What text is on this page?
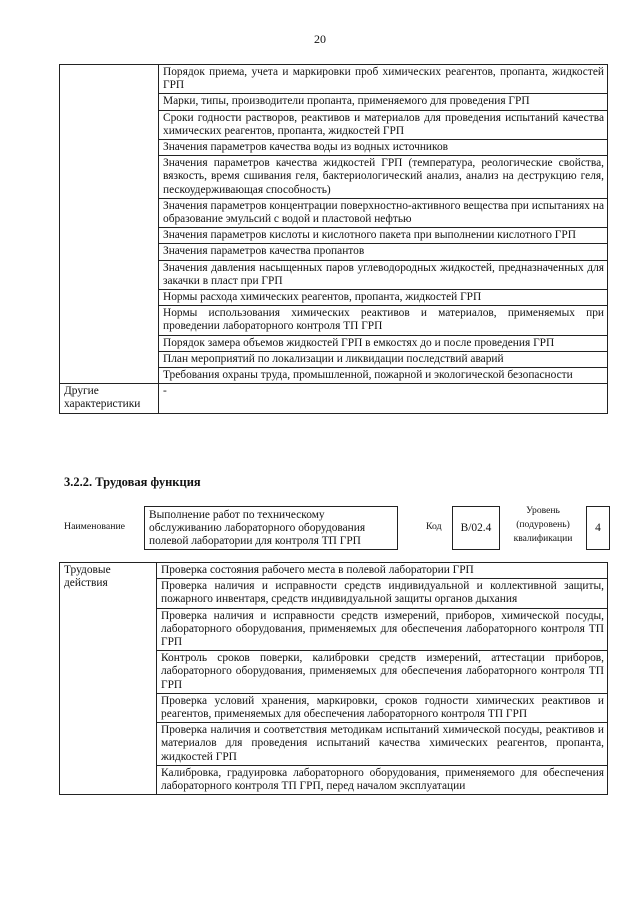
20
	Порядок приема, учета и маркировки проб химических реагентов, пропанта, жидкостей ГРП
	Марки, типы, производители пропанта, применяемого для проведения ГРП
	Сроки годности растворов, реактивов и материалов для проведения испытаний качества химических реагентов, пропанта, жидкостей ГРП
	Значения параметров качества воды из водных источников
	Значения параметров качества жидкостей ГРП (температура, реологические свойства, вязкость, время сшивания геля, бактериологический анализ, анализ на деструкцию геля, пескоудерживающая способность)
	Значения параметров концентрации поверхностно-активного вещества при испытаниях на образование эмульсий с водой и пластовой нефтью
	Значения параметров кислоты и кислотного пакета при выполнении кислотного ГРП
	Значения параметров качества пропантов
	Значения давления насыщенных паров углеводородных жидкостей, предназначенных для закачки в пласт при ГРП
	Нормы расхода химических реагентов, пропанта, жидкостей ГРП
	Нормы использования химических реактивов и материалов, применяемых при проведении лабораторного контроля ТП ГРП
	Порядок замера объемов жидкостей ГРП в емкостях до и после проведения ГРП
	План мероприятий по локализации и ликвидации последствий аварий
	Требования охраны труда, промышленной, пожарной и экологической безопасности
Другие характеристики	-
3.2.2. Трудовая функция
Наименование
Выполнение работ по техническому обслуживанию лабораторного оборудования полевой лаборатории для контроля ТП ГРП
Код	В/02.4
Уровень (подуровень) квалификации
4
Трудовые действия	Проверка состояния рабочего места в полевой лаборатории ГРП
Проверка наличия и исправности средств индивидуальной и коллективной защиты, пожарного инвентаря, средств индивидуальной защиты органов дыхания
Проверка наличия и исправности средств измерений, приборов, химической посуды, лабораторного оборудования, применяемых для обеспечения лабораторного контроля ТП ГРП
Контроль сроков поверки, калибровки средств измерений, аттестации приборов, лабораторного оборудования, применяемых для обеспечения лабораторного контроля ТП ГРП
Проверка условий хранения, маркировки, сроков годности химических реактивов и реагентов, применяемых для обеспечения лабораторного контроля ТП ГРП
Проверка наличия и соответствия методикам испытаний химической посуды, реактивов и материалов для проведения испытаний качества химических реагентов, пропанта, жидкостей ГРП
Калибровка, градуировка лабораторного оборудования, применяемого для обеспечения лабораторного контроля ТП ГРП, перед началом эксплуатации
